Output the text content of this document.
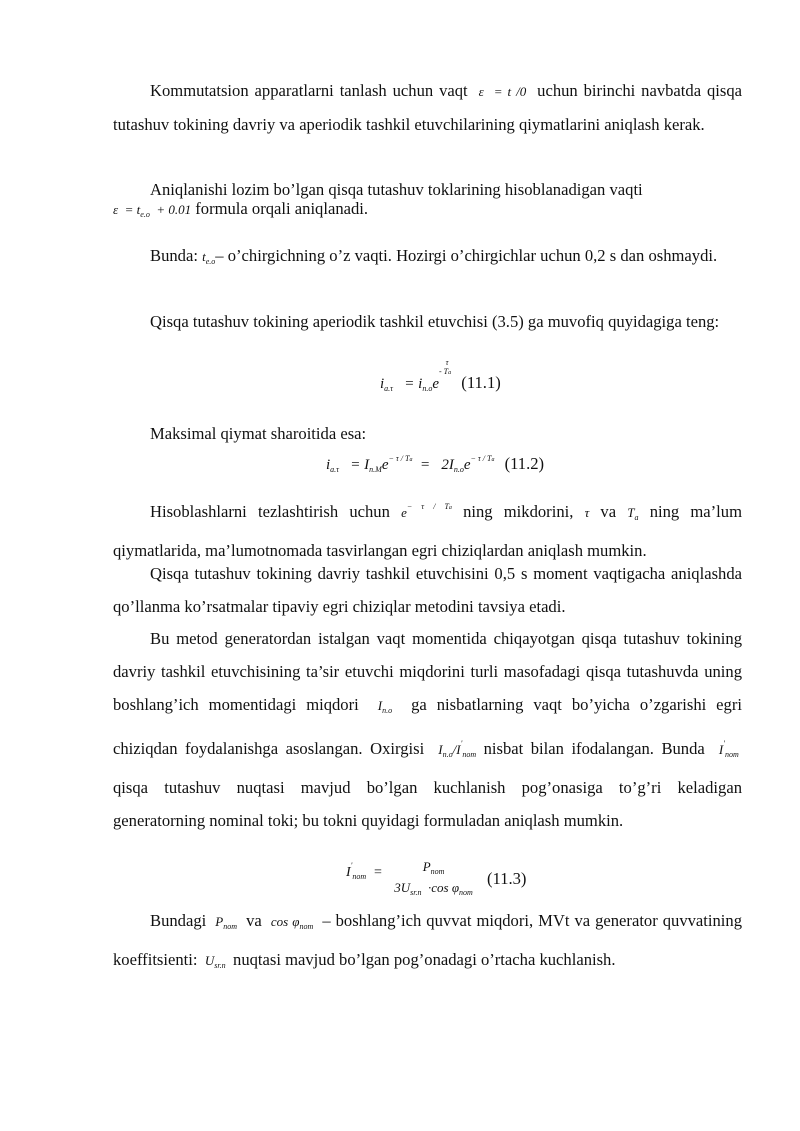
Kommutatsion apparatlarni tanlash uchun vaqt  ε  = t /0  uchun birinchi navbatda qisqa tutashuv tokining davriy va aperiodik tashkil etuvchilarining qiymatlarini aniqlash kerak.

Aniqlanishi lozim bo’lgan qisqa tutashuv toklarining hisoblanadigan vaqti

$\varepsilon = t_{e.o} + 0.01$ formula orqali aniqlanadi.

Bunda: $t_{e.o}-$ o’chirgichning o’z vaqti. Hozirgi o’chirgichlar uchun 0,2 s dan oshmaydi.

Qisqa tutashuv tokining aperiodik tashkil etuvchisi (3.5) ga muvofiq quyidagiga teng:

$i_{a.\tau} = i_{n.o}e$  τ
- Ta (11.1)

Maksimal qiymat sharoitida esa:

$i_{a.\tau} = I_{n.M}e^{- \tau / Ta} = 2I_{n.o}e^{- \tau / Ta}$ (11.2)

Hisoblashlarni tezlashtirish uchun $e^{- \tau / Ta}$ ning mikdorini, τ va $T_a$ ning ma’lum qiymatlarida, ma’lumotnomada tasvirlangan egri chiziqlardan aniqlash mumkin.

Qisqa tutashuv tokining davriy tashkil etuvchisini 0,5 s moment vaqtigacha aniqlashda qo’llanma ko’rsatmalar tipaviy egri chiziqlar metodini tavsiya etadi.

Bu metod generatordan istalgan vaqt momentida chiqayotgan qisqa tutashuv tokining davriy tashkil etuvchisining ta’sir etuvchi miqdorini turli masofadagi qisqa tutashuvda uning boshlang’ich momentidagi miqdori  $I_{n.o}$  ga nisbatlarning vaqt bo’yicha o’zgarishi egri chiziqdan foydalanishga asoslangan. Oxirgisi  $I_{n.o}/I'_{nom}$ nisbat bilan ifodalangan. Bunda  $I'_{nom}$  qisqa tutashuv nuqtasi mavjud bo’lgan kuchlanish pog’onasiga to’g’ri keladigan generatorning nominal toki; bu tokni quyidagi formuladan aniqlash mumkin.

$I'_{nom}$  =	$P_{nom}$
$3U_{sr.n} \cdot\cos$ $\varphi_{nom}$
(11.3)

Bundagi  $P_{nom}$  va  $\cos \varphi_{nom}$  – boshlang’ich quvvat miqdori, MVt va generator quvvatining koeffitsienti:  $U_{sr.n}$  nuqtasi mavjud bo’lgan pog’onadagi o’rtacha kuchlanish.
